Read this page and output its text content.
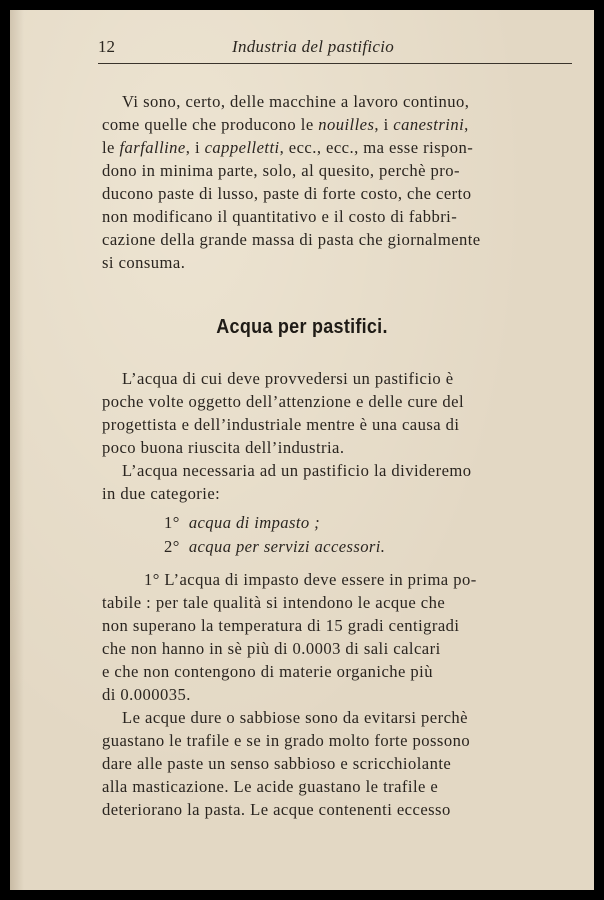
12	Industria del pastificio
Vi sono, certo, delle macchine a lavoro continuo,
come quelle che producono le nouilles, i canestrini,
le farfalline, i cappelletti, ecc., ecc., ma esse rispon-
dono in minima parte, solo, al quesito, perchè pro-
ducono paste di lusso, paste di forte costo, che certo
non modificano il quantitativo e il costo di fabbri-
cazione della grande massa di pasta che giornalmente
si consuma.
Acqua per pastifici.
L’acqua di cui deve provvedersi un pastificio è
poche volte oggetto dell’attenzione e delle cure del
progettista e dell’industriale mentre è una causa di
poco buona riuscita dell’industria.
L’acqua necessaria ad un pastificio la divideremo
in due categorie:
1° acqua di impasto ;
2° acqua per servizi accessori.
1° L’acqua di impasto deve essere in prima po-
tabile : per tale qualità si intendono le acque che
non superano la temperatura di 15 gradi centigradi
che non hanno in sè più di 0.0003 di sali calcari
e che non contengono di materie organiche più
di 0.000035.
Le acque dure o sabbiose sono da evitarsi perchè
guastano le trafile e se in grado molto forte possono
dare alle paste un senso sabbioso e scricchiolante
alla masticazione. Le acide guastano le trafile e
deteriorano la pasta. Le acque contenenti eccesso
